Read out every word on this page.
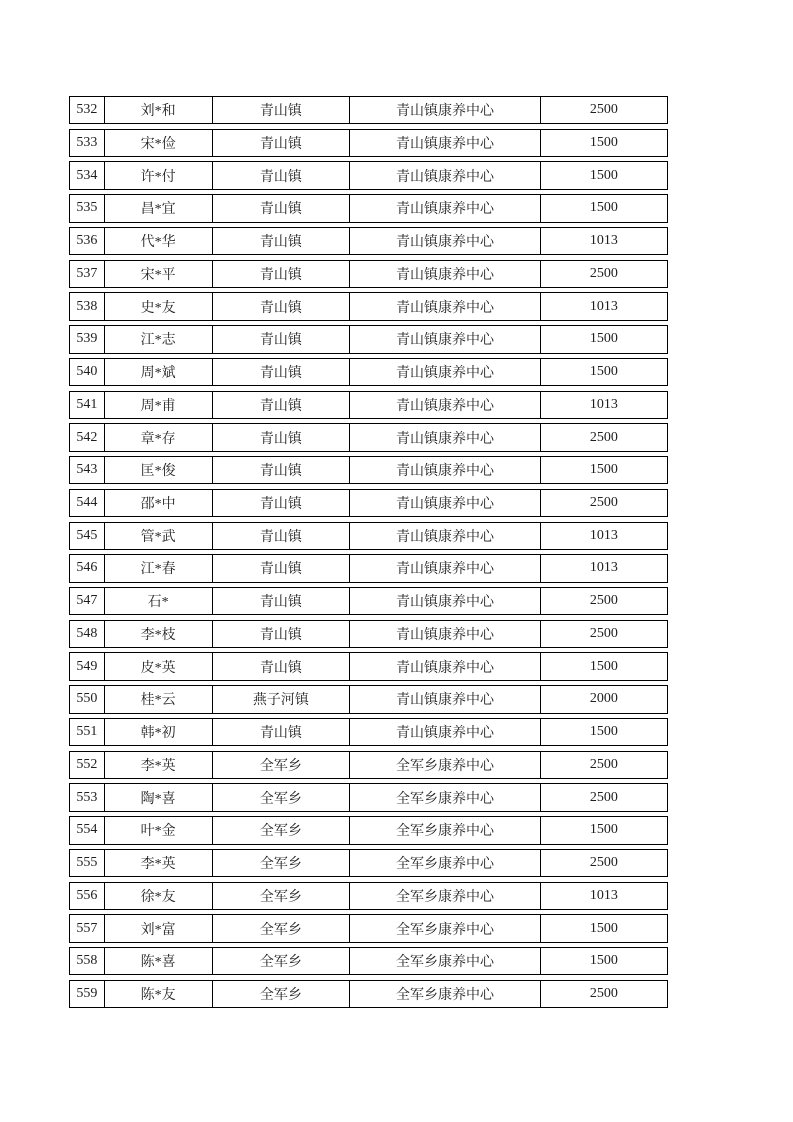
532	刘*和	青山镇	青山镇康养中心	2500
533	宋*俭	青山镇	青山镇康养中心	1500
534	许*付	青山镇	青山镇康养中心	1500
535	昌*宜	青山镇	青山镇康养中心	1500
536	代*华	青山镇	青山镇康养中心	1013
537	宋*平	青山镇	青山镇康养中心	2500
538	史*友	青山镇	青山镇康养中心	1013
539	江*志	青山镇	青山镇康养中心	1500
540	周*斌	青山镇	青山镇康养中心	1500
541	周*甫	青山镇	青山镇康养中心	1013
542	章*存	青山镇	青山镇康养中心	2500
543	匡*俊	青山镇	青山镇康养中心	1500
544	邵*中	青山镇	青山镇康养中心	2500
545	管*武	青山镇	青山镇康养中心	1013
546	江*春	青山镇	青山镇康养中心	1013
547	石*	青山镇	青山镇康养中心	2500
548	李*枝	青山镇	青山镇康养中心	2500
549	皮*英	青山镇	青山镇康养中心	1500
550	桂*云	燕子河镇	青山镇康养中心	2000
551	韩*初	青山镇	青山镇康养中心	1500
552	李*英	全军乡	全军乡康养中心	2500
553	陶*喜	全军乡	全军乡康养中心	2500
554	叶*金	全军乡	全军乡康养中心	1500
555	李*英	全军乡	全军乡康养中心	2500
556	徐*友	全军乡	全军乡康养中心	1013
557	刘*富	全军乡	全军乡康养中心	1500
558	陈*喜	全军乡	全军乡康养中心	1500
559	陈*友	全军乡	全军乡康养中心	2500
